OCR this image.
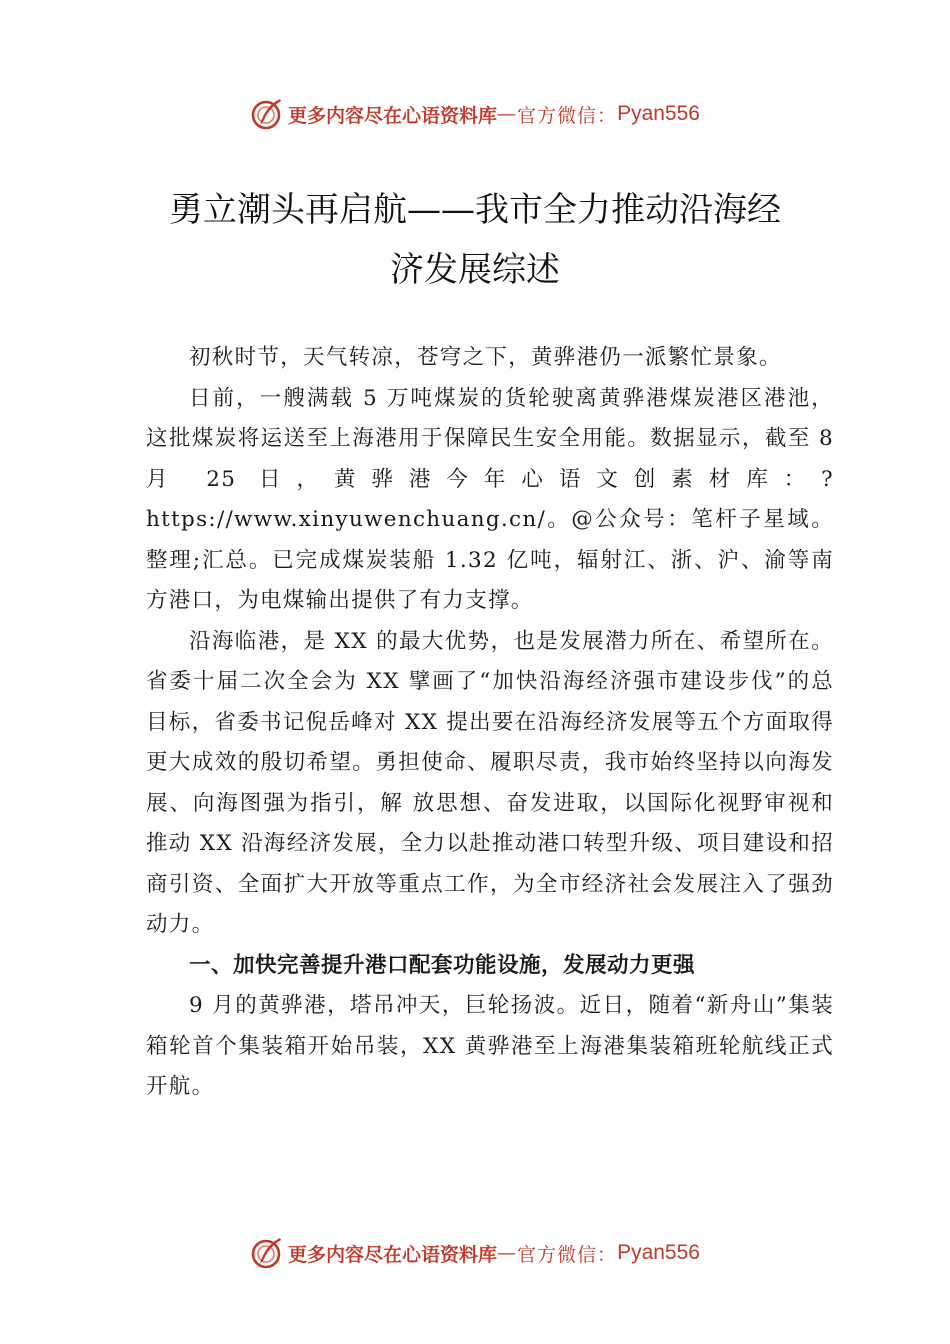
更多内容尽在心语资料库 — 官方微信： Pyan556
勇立潮头再启航——我市全力推动沿海经
济发展综述

初秋时节，天气转凉，苍穹之下，黄骅港仍一派繁忙景象。

日前，一艘满载 5 万吨煤炭的货轮驶离黄骅港煤炭港区港池，这批煤炭将运送至上海港用于保障民生安全用能。数据显示，截至 8 月 25 日，黄骅港今年心语文创素材库：?https://www.xinyuwenchuang.cn/。@公众号：笔杆子星域。整理;汇总。已完成煤炭装船 1.32 亿吨，辐射江、浙、沪、渝等南方港口，为电煤输出提供了有力支撑。

沿海临港，是 XX 的最大优势，也是发展潜力所在、希望所在。省委十届二次全会为 XX 擘画了“加快沿海经济强市建设步伐”的总目标，省委书记倪岳峰对 XX 提出要在沿海经济发展等五个方面取得更大成效的殷切希望。勇担使命、履职尽责，我市始终坚持以向海发展、向海图强为指引，解 放思想、奋发进取，以国际化视野审视和推动 XX 沿海经济发展，全力以赴推动港口转型升级、项目建设和招商引资、全面扩大开放等重点工作，为全市经济社会发展注入了强劲 动力。

一、加快完善提升港口配套功能设施，发展动力更强

9 月的黄骅港，塔吊冲天，巨轮扬波。近日，随着“新舟山”集装箱轮首个集装箱开始吊装，XX 黄骅港至上海港集装箱班轮航线正式开航。

更多内容尽在心语资料库 — 官方微信： Pyan556
